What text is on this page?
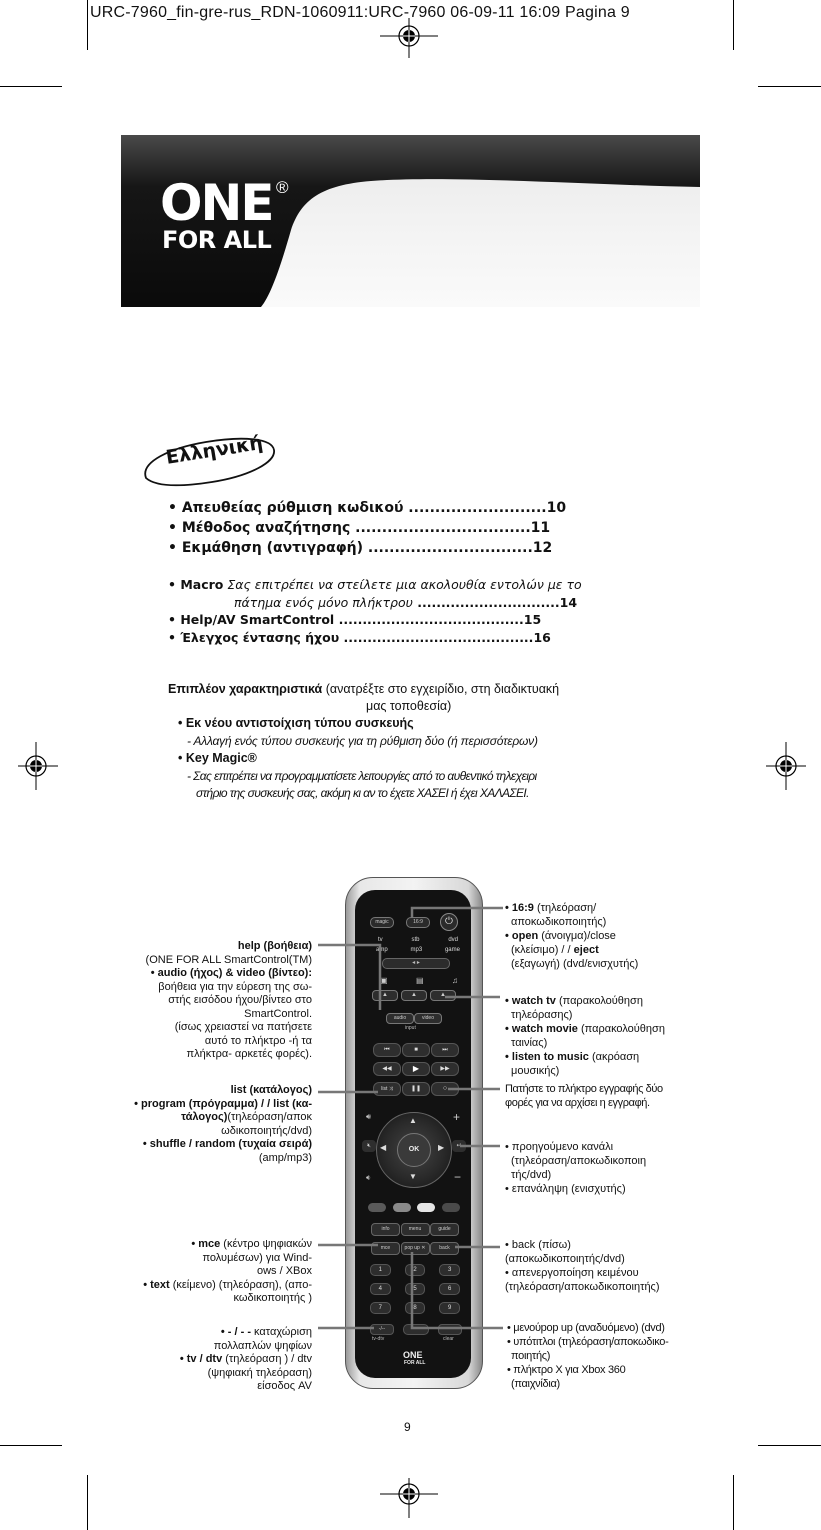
URC-7960_fin-gre-rus_RDN-1060911:URC-7960 06-09-11 16:09 Pagina 9
ONE ®
FOR ALL
Ελληνική
• Απευθείας ρύθμιση κωδικού ..........................10
• Μέθοδος αναζήτησης .................................11
• Εκμάθηση (αντιγραφή) ...............................12
• Macro Σας επιτρέπει να στείλετε μια ακολουθία εντολών με το
πάτημα ενός μόνο πλήκτρου ..............................14
• Help/AV SmartControl .......................................15
• Έλεγχος έντασης ήχου ........................................16
Επιπλέον χαρακτηριστικά (ανατρέξτε στο εγχειρίδιο, στη διαδικτυακή
μας τοποθεσία)
• Εκ νέου αντιστοίχιση τύπου συσκευής
- Αλλαγή ενός τύπου συσκευής για τη ρύθμιση δύο (ή περισσότερων)
• Key Magic®
- Σας επιτρέπει να προγραμματίσετε λειτουργίες από το αυθεντικό τηλεχειρι
στήριο της συσκευής σας, ακόμη κι αν το έχετε ΧΑΣΕΙ ή έχει ΧΑΛΑΣΕΙ.
magic	16:9	⏻
tv	stb	dvd
amp	mp3	game
◂ ▸
▣	▤	♫
▲	▲	▲
audio	video
input
⏮	■	⏭
◀◀	▶	▶▶
list ⤨	❚❚	○
🔊︎	+
🔇︎	↵
🔉︎	−
▲
▼
◀	▶
OK
info	menu	guide
mce	pop up ✕	back
1	2	3
4	5	6
7	8	9
-/--
tv-dtv	clear
ONE
FOR ALL
help (βοήθεια)
(ONE FOR ALL SmartControl(TM)
• audio (ήχος) & video (βίντεο):
βοήθεια για την εύρεση της σω-
στής εισόδου ήχου/βίντεο στο
SmartControl.
(ίσως χρειαστεί να πατήσετε
αυτό το πλήκτρο -ή τα
πλήκτρα- αρκετές φορές).
list (κατάλογος)
• program (πρόγραμμα) / / list (κα-
τάλογος)(τηλεόραση/αποκ
ωδικοποιητής/dvd)
• shuffle / random (τυχαία σειρά)
(amp/mp3)
• mce (κέντρο ψηφιακών
πολυμέσων) για Wind-
ows / XBox
• text (κείμενο) (τηλεόραση), (απο-
κωδικοποιητής )
• - / - - καταχώριση
πολλαπλών ψηφίων
• tv / dtv (τηλεόραση ) / dtv
(ψηφιακή τηλεόραση)
είσοδος AV
• 16:9 (τηλεόραση/
αποκωδικοποιητής)
• open (άνοιγμα)/close
(κλείσιμο) / / eject
(εξαγωγή) (dvd/ενισχυτής)
• watch tv (παρακολούθηση
τηλεόρασης)
• watch movie (παρακολούθηση
ταινίας)
• listen to music (ακρόαση
μουσικής)
Πατήστε το πλήκτρο εγγραφής δύο
φορές για να αρχίσει η εγγραφή.
• προηγούμενο κανάλι
(τηλεόραση/αποκωδικοποιη
τής/dvd)
• επανάληψη (ενισχυτής)
• back (πίσω)
(αποκωδικοποιητής/dvd)
• απενεργοποίηση κειμένου
(τηλεόραση/αποκωδικοποιητής)
• μενούpop up (αναδυόμενο) (dvd)
• υπότιτλοι (τηλεόραση/αποκωδικο-
ποιητής)
• πλήκτρο X για Xbox 360
(παιχνίδια)
9
